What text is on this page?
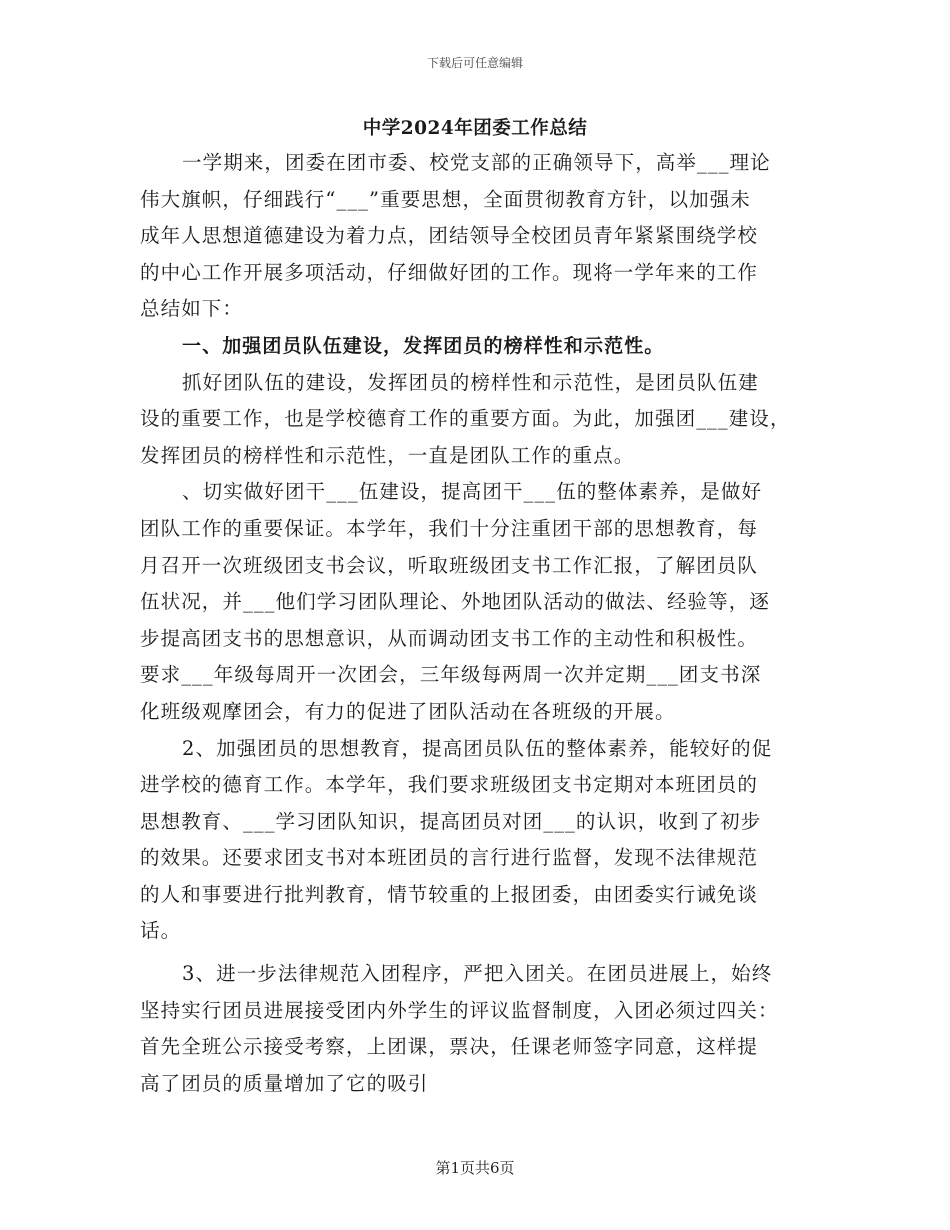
下载后可任意编辑
中学2024年团委工作总结
一学期来，团委在团市委、校党支部的正确领导下，高举___理论
伟大旗帜，仔细践行“___”重要思想，全面贯彻教育方针，以加强未
成年人思想道德建设为着力点，团结领导全校团员青年紧紧围绕学校
的中心工作开展多项活动，仔细做好团的工作。现将一学年来的工作
总结如下：
一、加强团员队伍建设，发挥团员的榜样性和示范性。
抓好团队伍的建设，发挥团员的榜样性和示范性，是团员队伍建
设的重要工作，也是学校德育工作的重要方面。为此，加强团___建设，
发挥团员的榜样性和示范性，一直是团队工作的重点。
、切实做好团干___伍建设，提高团干___伍的整体素养，是做好
团队工作的重要保证。本学年，我们十分注重团干部的思想教育，每
月召开一次班级团支书会议，听取班级团支书工作汇报，了解团员队
伍状况，并___他们学习团队理论、外地团队活动的做法、经验等，逐
步提高团支书的思想意识，从而调动团支书工作的主动性和积极性。
要求___年级每周开一次团会，三年级每两周一次并定期___团支书深
化班级观摩团会，有力的促进了团队活动在各班级的开展。
2、加强团员的思想教育，提高团员队伍的整体素养，能较好的促
进学校的德育工作。本学年，我们要求班级团支书定期对本班团员的
思想教育、___学习团队知识，提高团员对团___的认识，收到了初步
的效果。还要求团支书对本班团员的言行进行监督，发现不法律规范
的人和事要进行批判教育，情节较重的上报团委，由团委实行诫免谈
话。
3、进一步法律规范入团程序，严把入团关。在团员进展上，始终
坚持实行团员进展接受团内外学生的评议监督制度，入团必须过四关：
首先全班公示接受考察，上团课，票决，任课老师签字同意，这样提
高了团员的质量增加了它的吸引
第1页共6页
